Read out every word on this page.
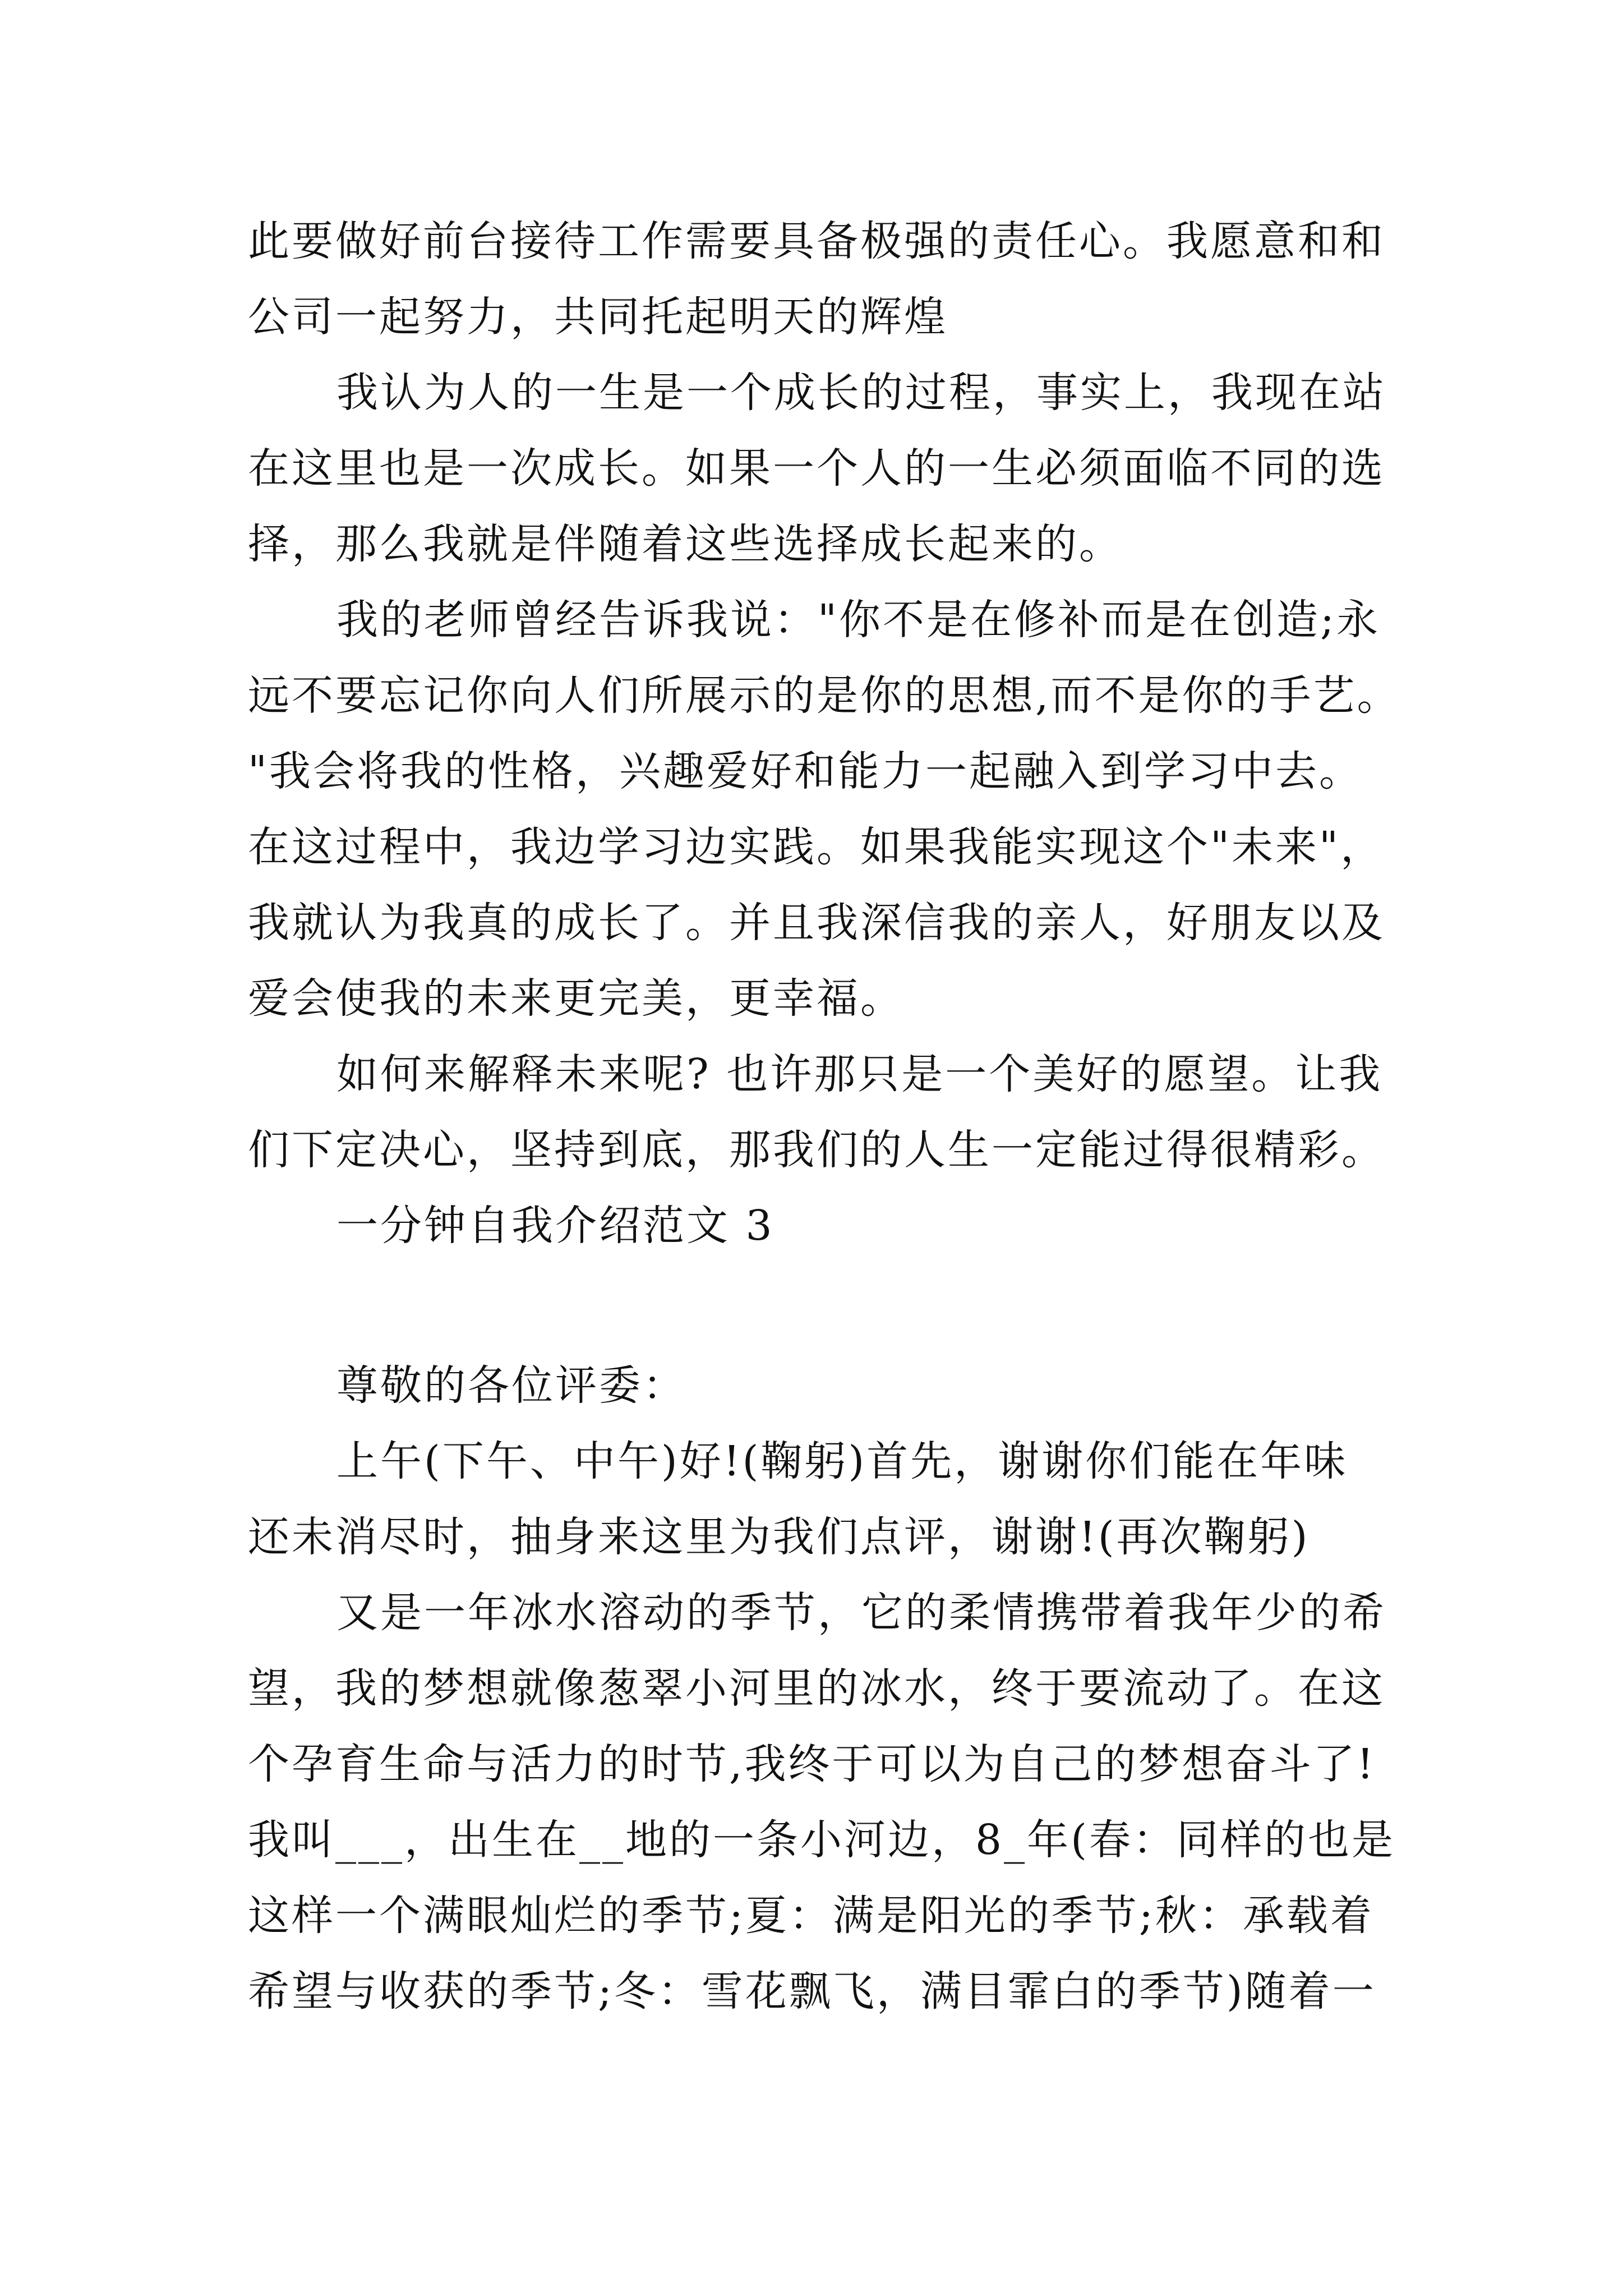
此要做好前台接待工作需要具备极强的责任心。我愿意和和
公司一起努力，共同托起明天的辉煌
我认为人的一生是一个成长的过程，事实上，我现在站
在这里也是一次成长。如果一个人的一生必须面临不同的选
择，那么我就是伴随着这些选择成长起来的。
我的老师曾经告诉我说："你不是在修补而是在创造;永
远不要忘记你向人们所展示的是你的思想,而不是你的手艺。
"我会将我的性格，兴趣爱好和能力一起融入到学习中去。
在这过程中，我边学习边实践。如果我能实现这个"未来"，
我就认为我真的成长了。并且我深信我的亲人，好朋友以及
爱会使我的未来更完美，更幸福。
如何来解释未来呢? 也许那只是一个美好的愿望。让我
们下定决心，坚持到底，那我们的人生一定能过得很精彩。
一分钟自我介绍范文 3
尊敬的各位评委：
上午(下午、中午)好!(鞠躬)首先，谢谢你们能在年味
还未消尽时，抽身来这里为我们点评，谢谢!(再次鞠躬)
又是一年冰水溶动的季节，它的柔情携带着我年少的希
望，我的梦想就像葱翠小河里的冰水，终于要流动了。在这
个孕育生命与活力的时节,我终于可以为自己的梦想奋斗了!
我叫___，出生在__地的一条小河边，8_年(春：同样的也是
这样一个满眼灿烂的季节;夏：满是阳光的季节;秋：承载着
希望与收获的季节;冬：雪花飘飞，满目霏白的季节)随着一
